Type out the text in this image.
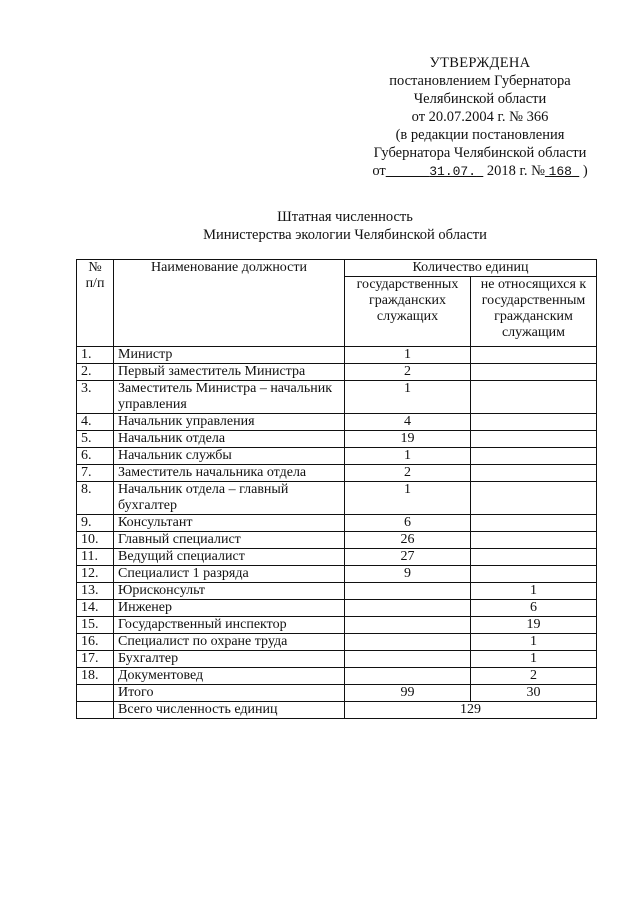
УТВЕРЖДЕНА
постановлением Губернатора
Челябинской области
от 20.07.2004 г. № 366
(в редакции постановления
Губернатора Челябинской области
от	31.07. 2018 г. № 168 )
Штатная численность
Министерства экологии Челябинской области
№ п/п	Наименование должности	Количество единиц	
		государственных гражданских служащих	не относящихся к государственным гражданским служащим
1.	Министр	1	
2.	Первый заместитель Министра	2	
3.	Заместитель Министра – начальник управления	1	
4.	Начальник управления	4	
5.	Начальник отдела	19	
6.	Начальник службы	1	
7.	Заместитель начальника отдела	2	
8.	Начальник отдела – главный бухгалтер	1	
9.	Консультант	6	
10.	Главный специалист	26	
11.	Ведущий специалист	27	
12.	Специалист 1 разряда	9	
13.	Юрисконсульт		1
14.	Инженер		6
15.	Государственный инспектор		19
16.	Специалист по охране труда		1
17.	Бухгалтер		1
18.	Документовед		2
	Итого	99	30
	Всего численность единиц	129	
